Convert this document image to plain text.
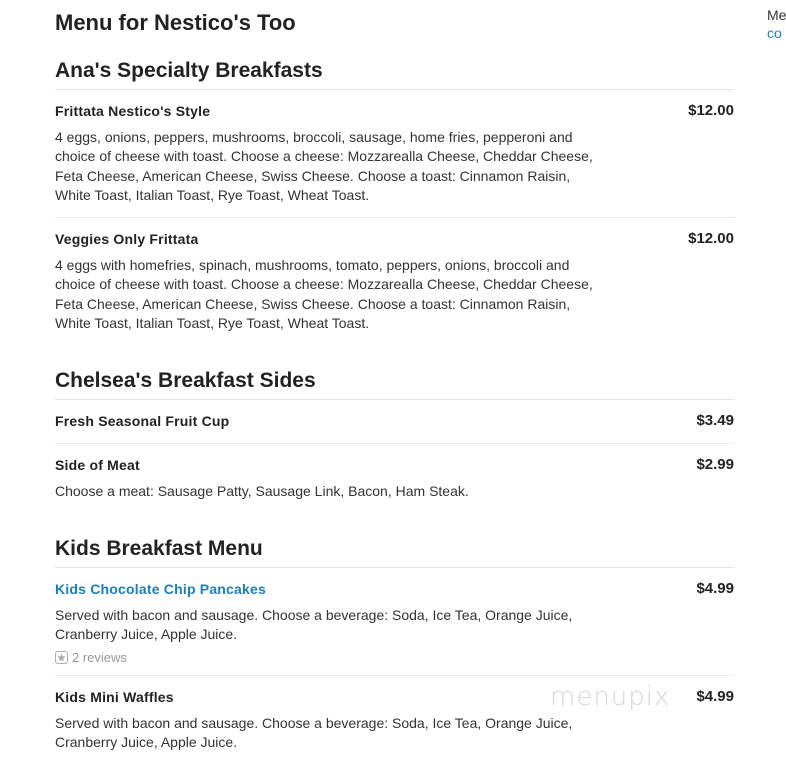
Menu for Nestico's Too	Me
co
Ana's Specialty Breakfasts
Frittata Nestico's Style	$12.00
4 eggs, onions, peppers, mushrooms, broccoli, sausage, home fries, pepperoni and choice of cheese with toast. Choose a cheese: Mozzarealla Cheese, Cheddar Cheese, Feta Cheese, American Cheese, Swiss Cheese. Choose a toast: Cinnamon Raisin, White Toast, Italian Toast, Rye Toast, Wheat Toast.
Veggies Only Frittata	$12.00
4 eggs with homefries, spinach, mushrooms, tomato, peppers, onions, broccoli and choice of cheese with toast. Choose a cheese: Mozzarealla Cheese, Cheddar Cheese, Feta Cheese, American Cheese, Swiss Cheese. Choose a toast: Cinnamon Raisin, White Toast, Italian Toast, Rye Toast, Wheat Toast.
Chelsea's Breakfast Sides
Fresh Seasonal Fruit Cup	$3.49
Side of Meat	$2.99
Choose a meat: Sausage Patty, Sausage Link, Bacon, Ham Steak.
Kids Breakfast Menu
Kids Chocolate Chip Pancakes	$4.99
Served with bacon and sausage. Choose a beverage: Soda, Ice Tea, Orange Juice, Cranberry Juice, Apple Juice.
2 reviews
Kids Mini Waffles	$4.99
Served with bacon and sausage. Choose a beverage: Soda, Ice Tea, Orange Juice, Cranberry Juice, Apple Juice.
menupix
